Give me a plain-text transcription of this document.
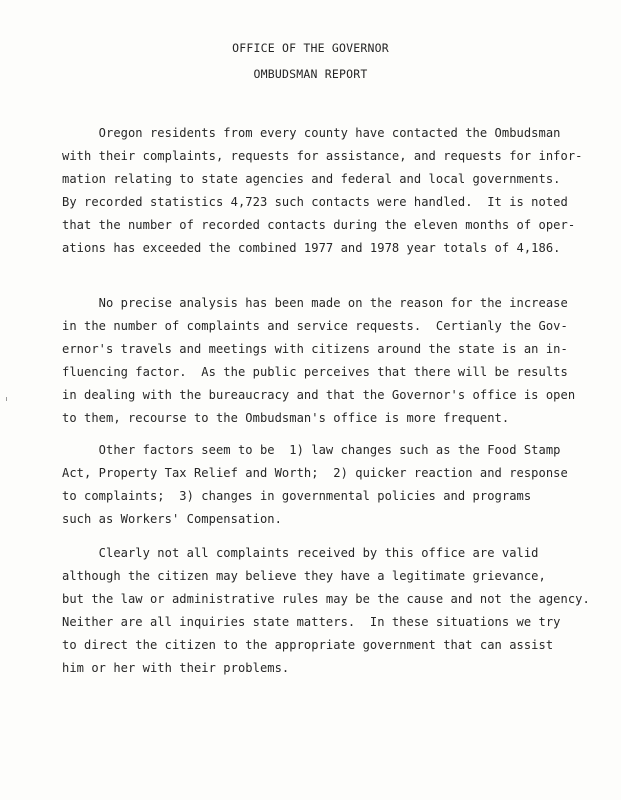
OFFICE OF THE GOVERNOR
OMBUDSMAN REPORT
Oregon residents from every county have contacted the Ombudsman
with their complaints, requests for assistance, and requests for infor-
mation relating to state agencies and federal and local governments.
By recorded statistics 4,723 such contacts were handled.  It is noted
that the number of recorded contacts during the eleven months of oper-
ations has exceeded the combined 1977 and 1978 year totals of 4,186.
No precise analysis has been made on the reason for the increase
in the number of complaints and service requests.  Certianly the Gov-
ernor's travels and meetings with citizens around the state is an in-
fluencing factor.  As the public perceives that there will be results
in dealing with the bureaucracy and that the Governor's office is open
to them, recourse to the Ombudsman's office is more frequent.
Other factors seem to be  1) law changes such as the Food Stamp
Act, Property Tax Relief and Worth;  2) quicker reaction and response
to complaints;  3) changes in governmental policies and programs
such as Workers' Compensation.
Clearly not all complaints received by this office are valid
although the citizen may believe they have a legitimate grievance,
but the law or administrative rules may be the cause and not the agency.
Neither are all inquiries state matters.  In these situations we try
to direct the citizen to the appropriate government that can assist
him or her with their problems.
